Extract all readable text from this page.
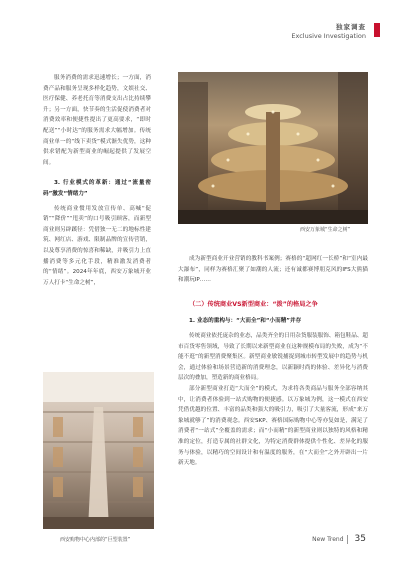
独家调查
Exclusive Investigation

服务消费的需求迅速增长；一方面，消费产品和服务呈现多样化趋势，文娱社交、医疗保健、养老托育等消费支出占比持续攀升；另一方面，快节奏的生活促使消费者对消费效率和便捷性提出了更高要求，“即时配送”“小时达”的服务需求大幅增加。传统商业单一的“线下卖货”模式渐失优势，这种供求错配为新型商业的崛起提供了发展空间。

3. 行业模式的革新：通过“流量密码”激发“情绪力”

传统商业惯用发放宣传单、高喊“促销”“降价”“甩卖”的口号吸引顾客，而新型商业则另辟蹊径：凭借独一无二的地标性建筑、网红店、游戏、限制品牌的宣传营销，以及尊享消费的惊喜和稀缺，并吸引力上直播消费等多元化手段，精准激发消费者的“情绪”。2024年年底，西安万象城开业万人打卡“生命之树”，

西安万象城“生命之树”

成为新型商业开业营销的教科书案例；赛格的“超网红一长桥”和“室内最大瀑布”，同样为赛格汇聚了如潮的人流；还有诚都赛博朋克风的IFS大熊猫和潮玩IP……

（二）传统商业VS新型商业：“拨”的格局之争

1. 业态的重构与：“大而全”和“小而精”并存

传统商业依托庞杂的业态，品类齐全的日用杂货服装服饰、箱包鞋品、超市百货零售领域，导致了长期以来新型商业在这种规模布局的失败，成为“不能不逛”的新型消费聚集区。新型商业敏锐捕捉到城市转型发展中的趋势与机会，通过体验和场景营造新的消费理念，以新颖时尚的体验、差异化与消费层次的叠加，塑造新的商业格局。

部分新型商业打造“大而全”的模式，为求将各类商品与服务全部容纳其中，让消费者体验到一站式购物的便捷感。以万象城为例，这一模式在西安凭借优越的位置、丰富的品类和强大的吸引力，吸引了大量客流，形成“来万象城就够了”的消费观念。西安SKP、赛格国际购物中心等亦复如是，满足了消费者“一站式”全覆盖的需求；而“小而精”的新型商业则以独特的风格和精准的定位，打造专属的社群文化，为特定消费群体提供个性化、差异化的服务与体验，以精巧的空间设计和有温度的服务，在“大而全”之外开辟出一片新天地。

西安购物中心内部的“巨型装置”	New Trend 35
